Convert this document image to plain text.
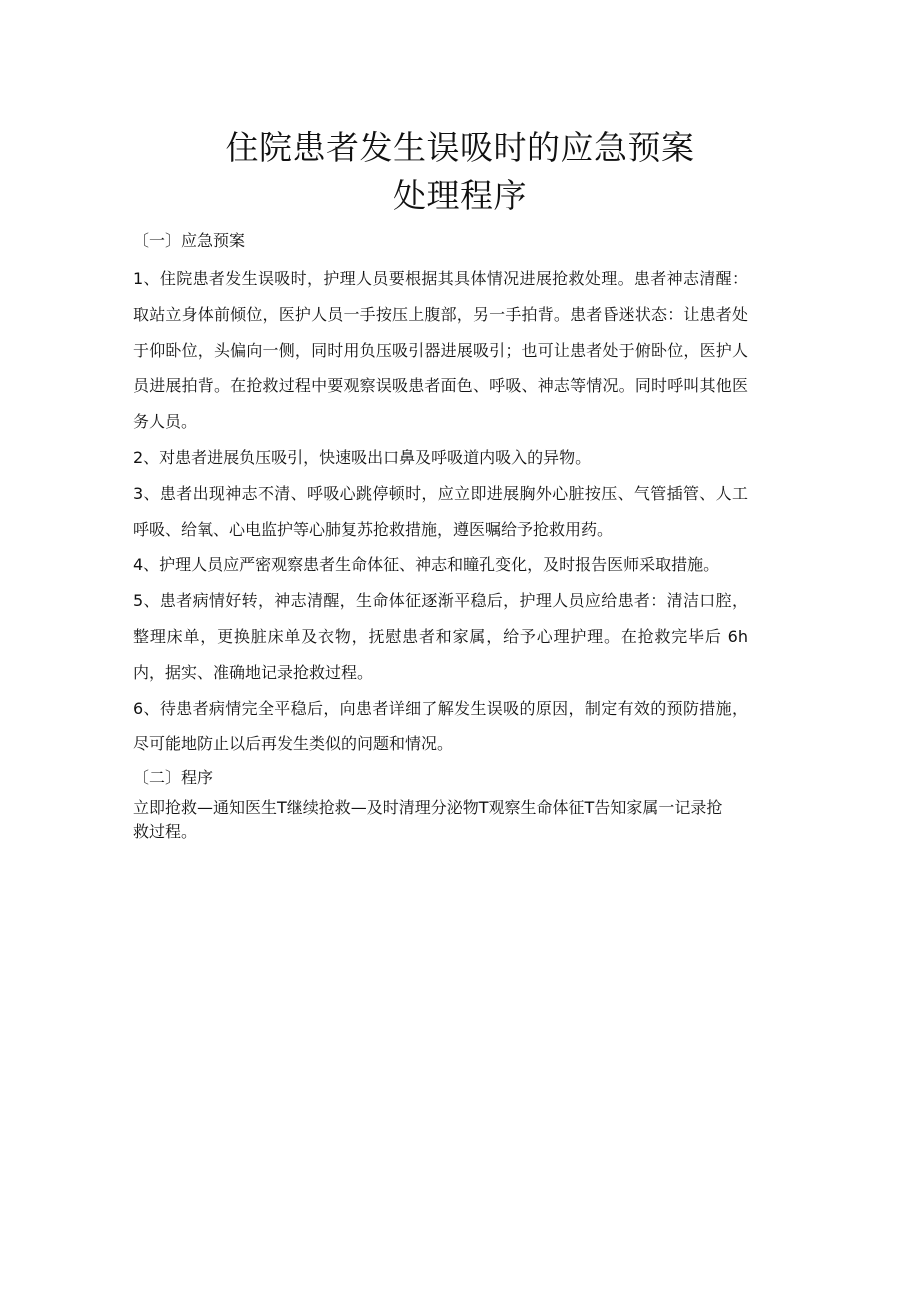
住院患者发生误吸时的应急预案
处理程序

〔一〕应急预案

1、住院患者发生误吸时，护理人员要根据其具体情况进展抢救处理。患者神志清醒：取站立身体前倾位，医护人员一手按压上腹部，另一手拍背。患者昏迷状态：让患者处于仰卧位，头偏向一侧，同时用负压吸引器进展吸引；也可让患者处于俯卧位，医护人员进展拍背。在抢救过程中要观察误吸患者面色、呼吸、神志等情况。同时呼叫其他医务人员。

2、对患者进展负压吸引，快速吸出口鼻及呼吸道内吸入的异物。

3、患者出现神志不清、呼吸心跳停顿时，应立即进展胸外心脏按压、气管插管、人工呼吸、给氧、心电监护等心肺复苏抢救措施，遵医嘱给予抢救用药。

4、护理人员应严密观察患者生命体征、神志和瞳孔变化，及时报告医师采取措施。

5、患者病情好转，神志清醒，生命体征逐渐平稳后，护理人员应给患者：清洁口腔，整理床单，更换脏床单及衣物，抚慰患者和家属，给予心理护理。在抢救完毕后 6h 内，据实、准确地记录抢救过程。

6、待患者病情完全平稳后，向患者详细了解发生误吸的原因，制定有效的预防措施，尽可能地防止以后再发生类似的问题和情况。

〔二〕程序

立即抢救—通知医生T继续抢救—及时清理分泌物T观察生命体征T告知家属一记录抢救过程。
